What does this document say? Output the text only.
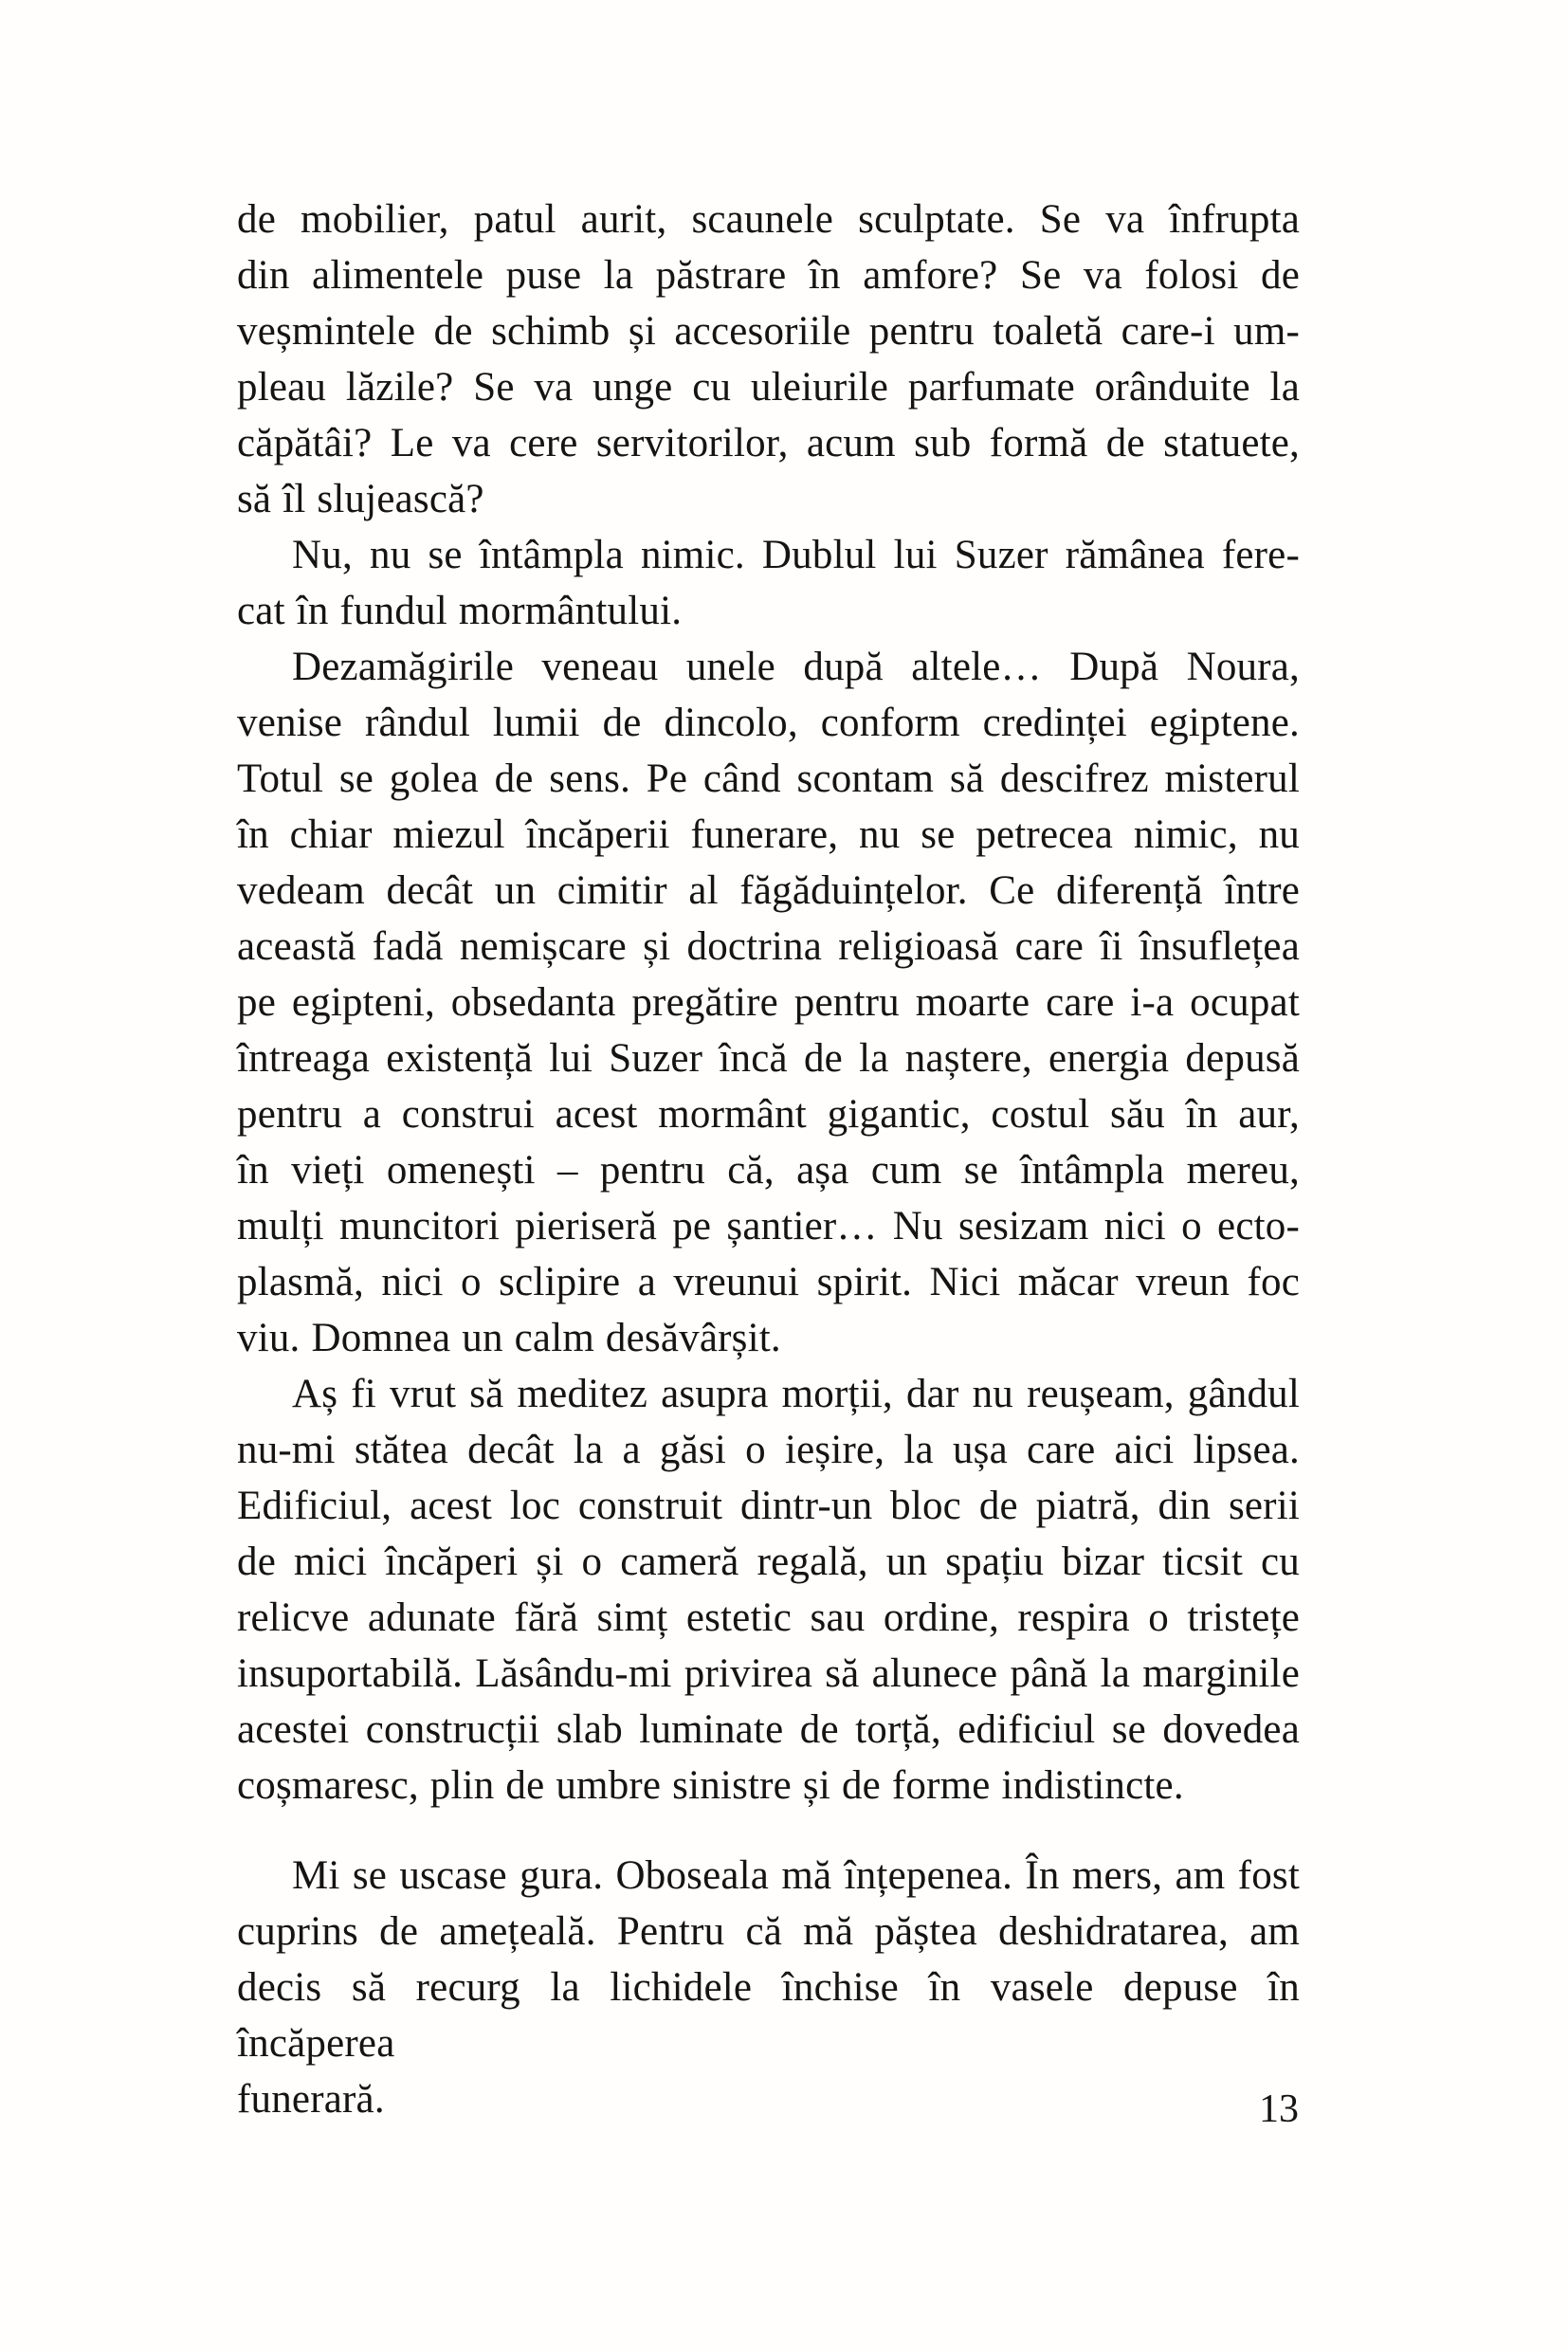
de mobilier, patul aurit, scaunele sculptate. Se va înfrupta
din alimentele puse la păstrare în amfore? Se va folosi de
veșmintele de schimb și accesoriile pentru toaletă care-i um-
pleau lăzile? Se va unge cu uleiurile parfumate orânduite la
căpătâi? Le va cere servitorilor, acum sub formă de statuete,
să îl slujească?
Nu, nu se întâmpla nimic. Dublul lui Suzer rămânea fere-
cat în fundul mormântului.
Dezamăgirile veneau unele după altele… După Noura,
venise rândul lumii de dincolo, conform credinței egiptene.
Totul se golea de sens. Pe când scontam să descifrez misterul
în chiar miezul încăperii funerare, nu se petrecea nimic, nu
vedeam decât un cimitir al făgăduințelor. Ce diferență între
această fadă nemișcare și doctrina religioasă care îi însuflețea
pe egipteni, obsedanta pregătire pentru moarte care i-a ocupat
întreaga existență lui Suzer încă de la naștere, energia depusă
pentru a construi acest mormânt gigantic, costul său în aur,
în vieți omenești – pentru că, așa cum se întâmpla mereu,
mulți muncitori pieriseră pe șantier… Nu sesizam nici o ecto-
plasmă, nici o sclipire a vreunui spirit. Nici măcar vreun foc
viu. Domnea un calm desăvârșit.
Aș fi vrut să meditez asupra morții, dar nu reușeam, gândul
nu-mi stătea decât la a găsi o ieșire, la ușa care aici lipsea.
Edificiul, acest loc construit dintr-un bloc de piatră, din serii
de mici încăperi și o cameră regală, un spațiu bizar ticsit cu
relicve adunate fără simț estetic sau ordine, respira o tristețe
insuportabilă. Lăsându-mi privirea să alunece până la marginile
acestei construcții slab luminate de torță, edificiul se dovedea
coșmaresc, plin de umbre sinistre și de forme indistincte.
Mi se uscase gura. Oboseala mă înțepenea. În mers, am fost
cuprins de amețeală. Pentru că mă păștea deshidratarea, am
decis să recurg la lichidele închise în vasele depuse în încăperea
funerară.	13
